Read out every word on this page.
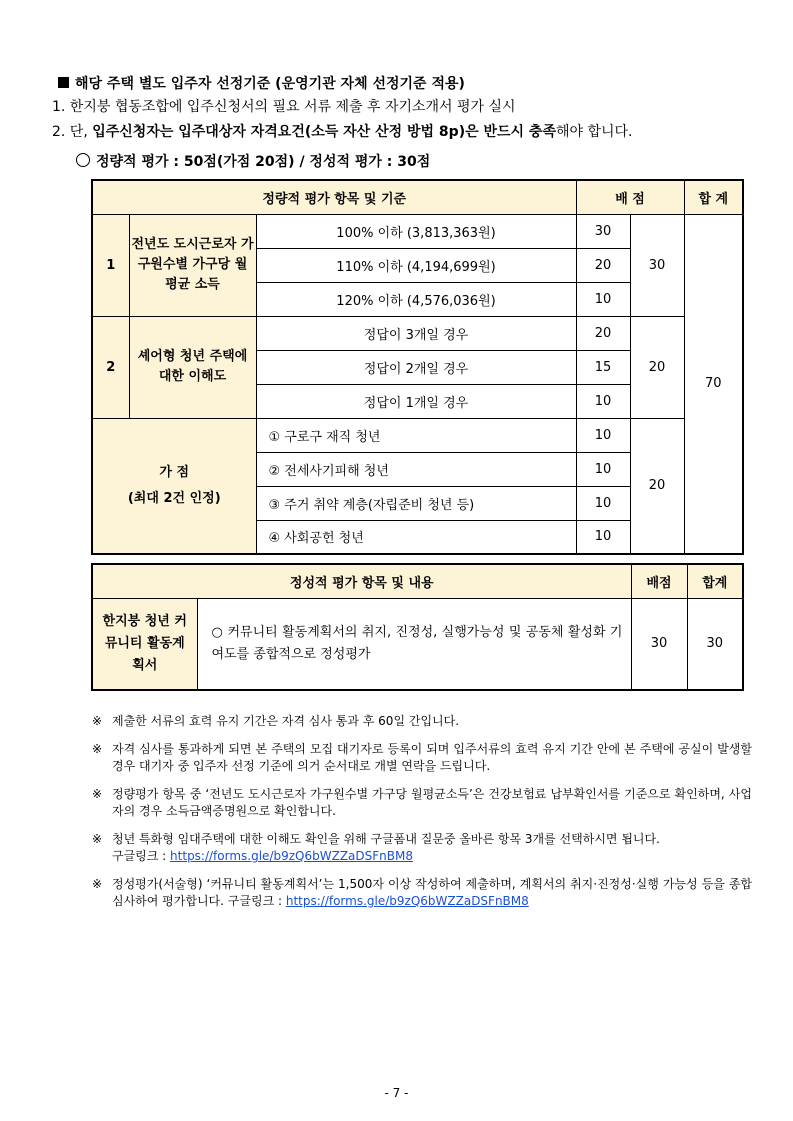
해당 주택 별도 입주자 선정기준 (운영기관 자체 선정기준 적용)
1. 한지붕 협동조합에 입주신청서의 필요 서류 제출 후 자기소개서 평가 실시
2. 단, 입주신청자는 입주대상자 자격요건(소득 자산 산정 방법 8p)은 반드시 충족해야 합니다.
정량적 평가 : 50점(가점 20점) / 정성적 평가 : 30점
정량적 평가 항목 및 기준			배 점		합 계
1	전년도 도시근로자 가구원수별 가구당 월 평균 소득	100% 이하 (3,813,363원)	30	30	70
		110% 이하 (4,194,699원)	20		
		120% 이하 (4,576,036원)	10		
2	셰어형 청년 주택에 대한 이해도	정답이 3개일 경우	20	20	
		정답이 2개일 경우	15		
		정답이 1개일 경우	10		

가 점
(최대 2건 인정)		① 구로구 재직 청년	10	20	
		② 전세사기피해 청년	10		
		③ 주거 취약 계층(자립준비 청년 등)	10		
		④ 사회공헌 청년	10		
정성적 평가 항목 및 내용		배점	합계
한지붕 청년 커뮤니티 활동계획서	○ 커뮤니티 활동계획서의 취지, 진정성, 실행가능성 및 공동체 활성화 기여도를 종합적으로 정성평가	30	30
※ 제출한 서류의 효력 유지 기간은 자격 심사 통과 후 60일 간입니다.
※ 자격 심사를 통과하게 되면 본 주택의 모집 대기자로 등록이 되며 입주서류의 효력 유지 기간 안에 본 주택에 공실이 발생할 경우 대기자 중 입주자 선정 기준에 의거 순서대로 개별 연락을 드립니다.
※ 정량평가 항목 중 ‘전년도 도시근로자 가구원수별 가구당 월평균소득’은 건강보험료 납부확인서를 기준으로 확인하며, 사업자의 경우 소득금액증명원으로 확인합니다.
※ 청년 특화형 임대주택에 대한 이해도 확인을 위해 구글폼내 질문중 올바른 항목 3개를 선택하시면 됩니다.
구글링크 : https://forms.gle/b9zQ6bWZZaDSFnBM8
※ 정성평가(서술형) ‘커뮤니티 활동계획서’는 1,500자 이상 작성하여 제출하며, 계획서의 취지·진정성·실행 가능성 등을 종합 심사하여 평가합니다. 구글링크 : https://forms.gle/b9zQ6bWZZaDSFnBM8
- 7 -
